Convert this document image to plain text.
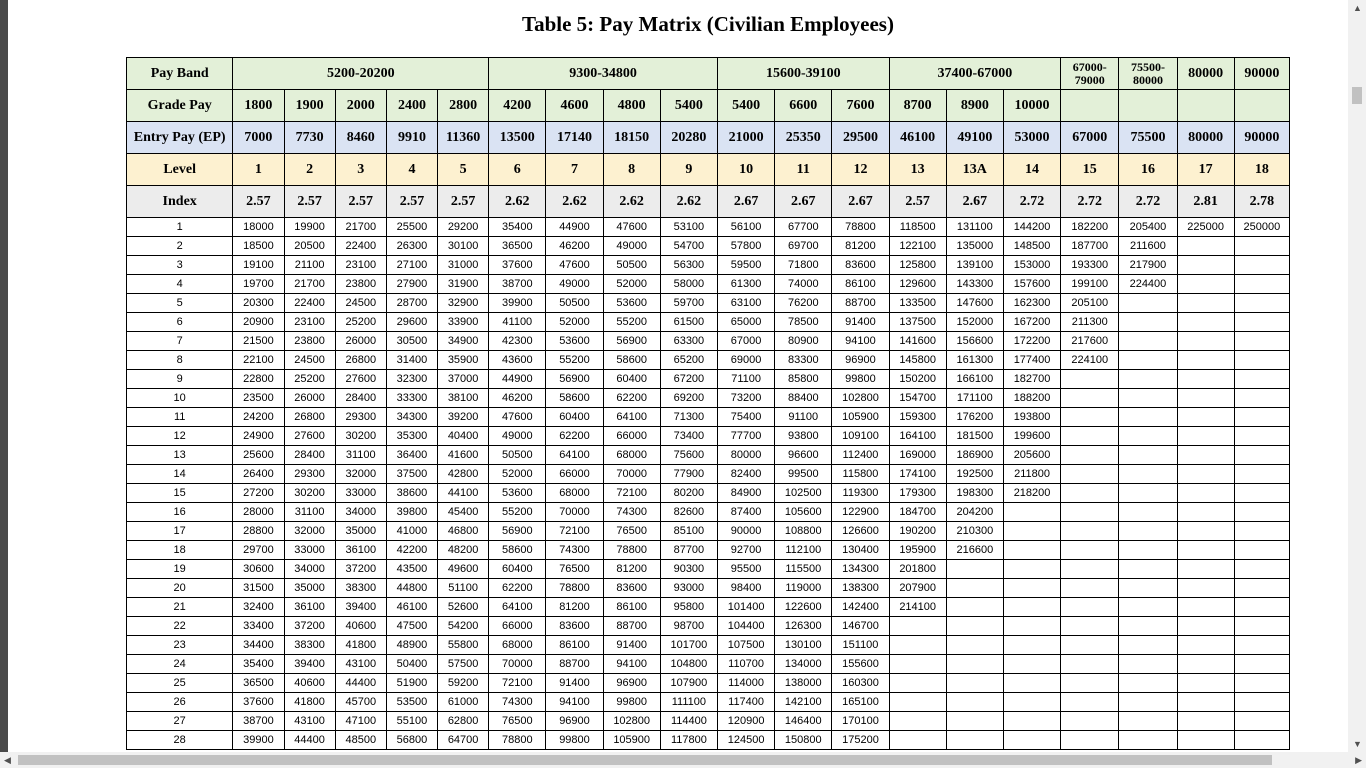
Table 5: Pay Matrix (Civilian Employees)
Pay Band	5200-20200					9300-34800				15600-39100			37400-67000			67000-79000	75500-80000	80000	90000
Grade Pay	1800	1900	2000	2400	2800	4200	4600	4800	5400	5400	6600	7600	8700	8900	10000				
Entry Pay (EP)	7000	7730	8460	9910	11360	13500	17140	18150	20280	21000	25350	29500	46100	49100	53000	67000	75500	80000	90000
Level	1	2	3	4	5	6	7	8	9	10	11	12	13	13A	14	15	16	17	18
Index	2.57	2.57	2.57	2.57	2.57	2.62	2.62	2.62	2.62	2.67	2.67	2.67	2.57	2.67	2.72	2.72	2.72	2.81	2.78
1	18000	19900	21700	25500	29200	35400	44900	47600	53100	56100	67700	78800	118500	131100	144200	182200	205400	225000	250000
2	18500	20500	22400	26300	30100	36500	46200	49000	54700	57800	69700	81200	122100	135000	148500	187700	211600		
3	19100	21100	23100	27100	31000	37600	47600	50500	56300	59500	71800	83600	125800	139100	153000	193300	217900		
4	19700	21700	23800	27900	31900	38700	49000	52000	58000	61300	74000	86100	129600	143300	157600	199100	224400		
5	20300	22400	24500	28700	32900	39900	50500	53600	59700	63100	76200	88700	133500	147600	162300	205100			
6	20900	23100	25200	29600	33900	41100	52000	55200	61500	65000	78500	91400	137500	152000	167200	211300			
7	21500	23800	26000	30500	34900	42300	53600	56900	63300	67000	80900	94100	141600	156600	172200	217600			
8	22100	24500	26800	31400	35900	43600	55200	58600	65200	69000	83300	96900	145800	161300	177400	224100			
9	22800	25200	27600	32300	37000	44900	56900	60400	67200	71100	85800	99800	150200	166100	182700				
10	23500	26000	28400	33300	38100	46200	58600	62200	69200	73200	88400	102800	154700	171100	188200				
11	24200	26800	29300	34300	39200	47600	60400	64100	71300	75400	91100	105900	159300	176200	193800				
12	24900	27600	30200	35300	40400	49000	62200	66000	73400	77700	93800	109100	164100	181500	199600				
13	25600	28400	31100	36400	41600	50500	64100	68000	75600	80000	96600	112400	169000	186900	205600				
14	26400	29300	32000	37500	42800	52000	66000	70000	77900	82400	99500	115800	174100	192500	211800				
15	27200	30200	33000	38600	44100	53600	68000	72100	80200	84900	102500	119300	179300	198300	218200				
16	28000	31100	34000	39800	45400	55200	70000	74300	82600	87400	105600	122900	184700	204200					
17	28800	32000	35000	41000	46800	56900	72100	76500	85100	90000	108800	126600	190200	210300					
18	29700	33000	36100	42200	48200	58600	74300	78800	87700	92700	112100	130400	195900	216600					
19	30600	34000	37200	43500	49600	60400	76500	81200	90300	95500	115500	134300	201800						
20	31500	35000	38300	44800	51100	62200	78800	83600	93000	98400	119000	138300	207900						
21	32400	36100	39400	46100	52600	64100	81200	86100	95800	101400	122600	142400	214100						
22	33400	37200	40600	47500	54200	66000	83600	88700	98700	104400	126300	146700							
23	34400	38300	41800	48900	55800	68000	86100	91400	101700	107500	130100	151100							
24	35400	39400	43100	50400	57500	70000	88700	94100	104800	110700	134000	155600							
25	36500	40600	44400	51900	59200	72100	91400	96900	107900	114000	138000	160300							
26	37600	41800	45700	53500	61000	74300	94100	99800	111100	117400	142100	165100							
27	38700	43100	47100	55100	62800	76500	96900	102800	114400	120900	146400	170100							
28	39900	44400	48500	56800	64700	78800	99800	105900	117800	124500	150800	175200							
▲
▼
◀	▶
